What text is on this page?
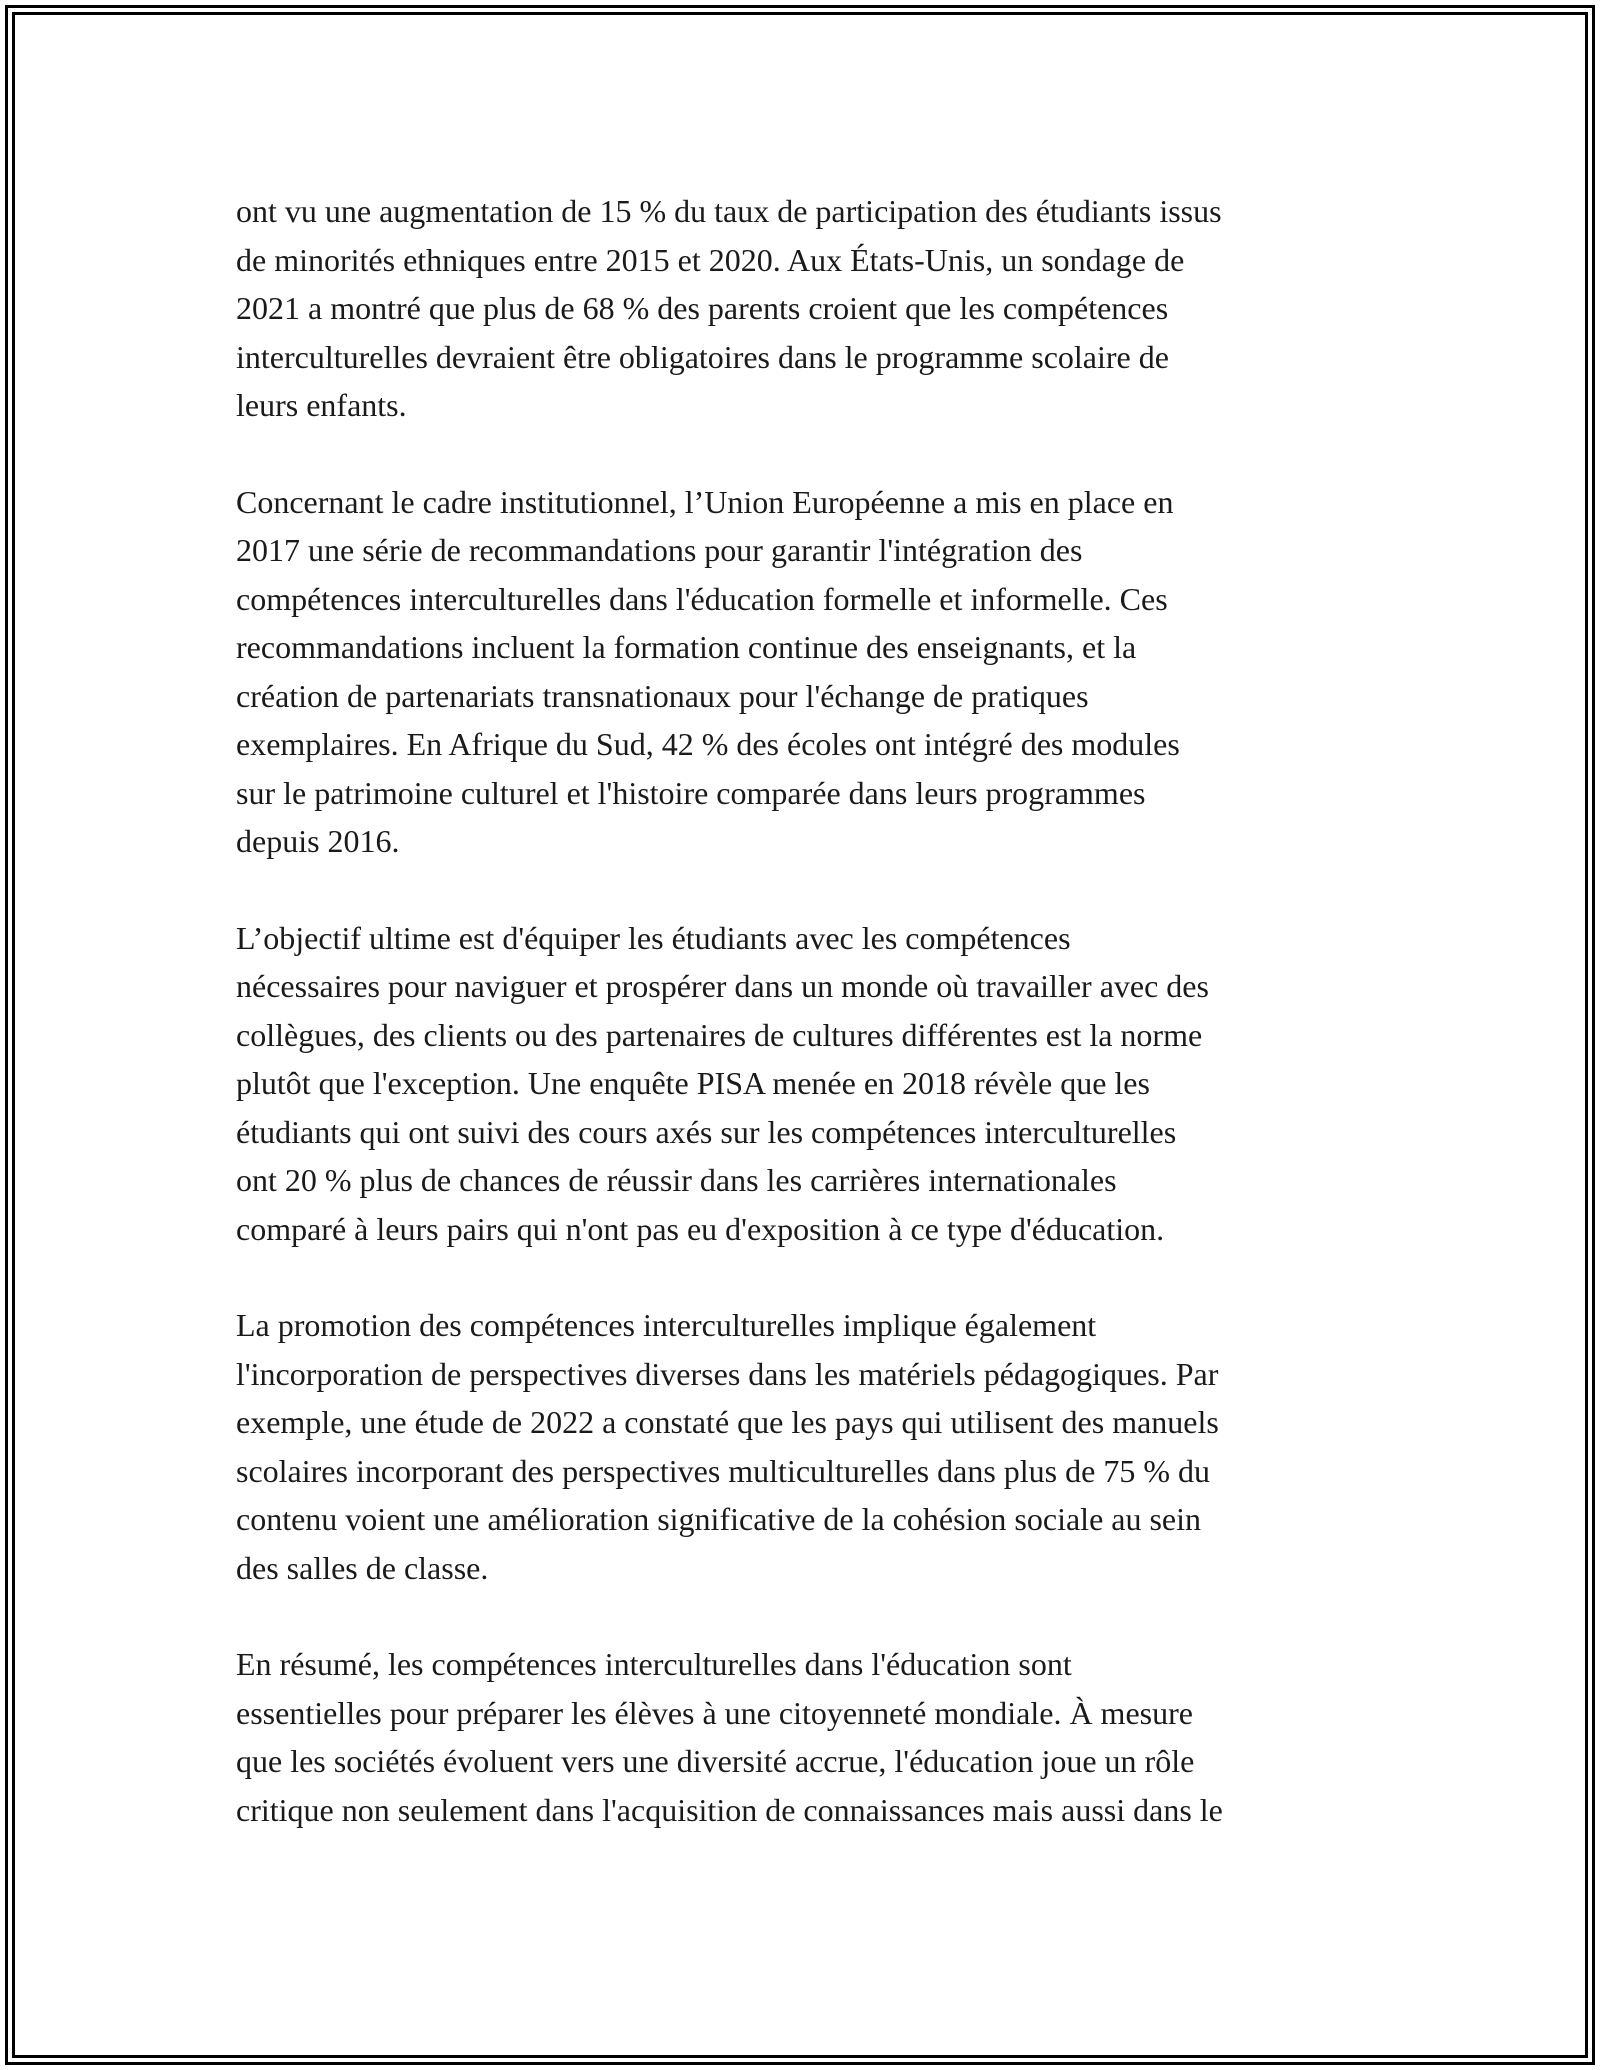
ont vu une augmentation de 15 % du taux de participation des étudiants issus
de minorités ethniques entre 2015 et 2020. Aux États-Unis, un sondage de
2021 a montré que plus de 68 % des parents croient que les compétences
interculturelles devraient être obligatoires dans le programme scolaire de
leurs enfants.

Concernant le cadre institutionnel, l’Union Européenne a mis en place en
2017 une série de recommandations pour garantir l'intégration des
compétences interculturelles dans l'éducation formelle et informelle. Ces
recommandations incluent la formation continue des enseignants, et la
création de partenariats transnationaux pour l'échange de pratiques
exemplaires. En Afrique du Sud, 42 % des écoles ont intégré des modules
sur le patrimoine culturel et l'histoire comparée dans leurs programmes
depuis 2016.

L’objectif ultime est d'équiper les étudiants avec les compétences
nécessaires pour naviguer et prospérer dans un monde où travailler avec des
collègues, des clients ou des partenaires de cultures différentes est la norme
plutôt que l'exception. Une enquête PISA menée en 2018 révèle que les
étudiants qui ont suivi des cours axés sur les compétences interculturelles
ont 20 % plus de chances de réussir dans les carrières internationales
comparé à leurs pairs qui n'ont pas eu d'exposition à ce type d'éducation.

La promotion des compétences interculturelles implique également
l'incorporation de perspectives diverses dans les matériels pédagogiques. Par
exemple, une étude de 2022 a constaté que les pays qui utilisent des manuels
scolaires incorporant des perspectives multiculturelles dans plus de 75 % du
contenu voient une amélioration significative de la cohésion sociale au sein
des salles de classe.

En résumé, les compétences interculturelles dans l'éducation sont
essentielles pour préparer les élèves à une citoyenneté mondiale. À mesure
que les sociétés évoluent vers une diversité accrue, l'éducation joue un rôle
critique non seulement dans l'acquisition de connaissances mais aussi dans le
